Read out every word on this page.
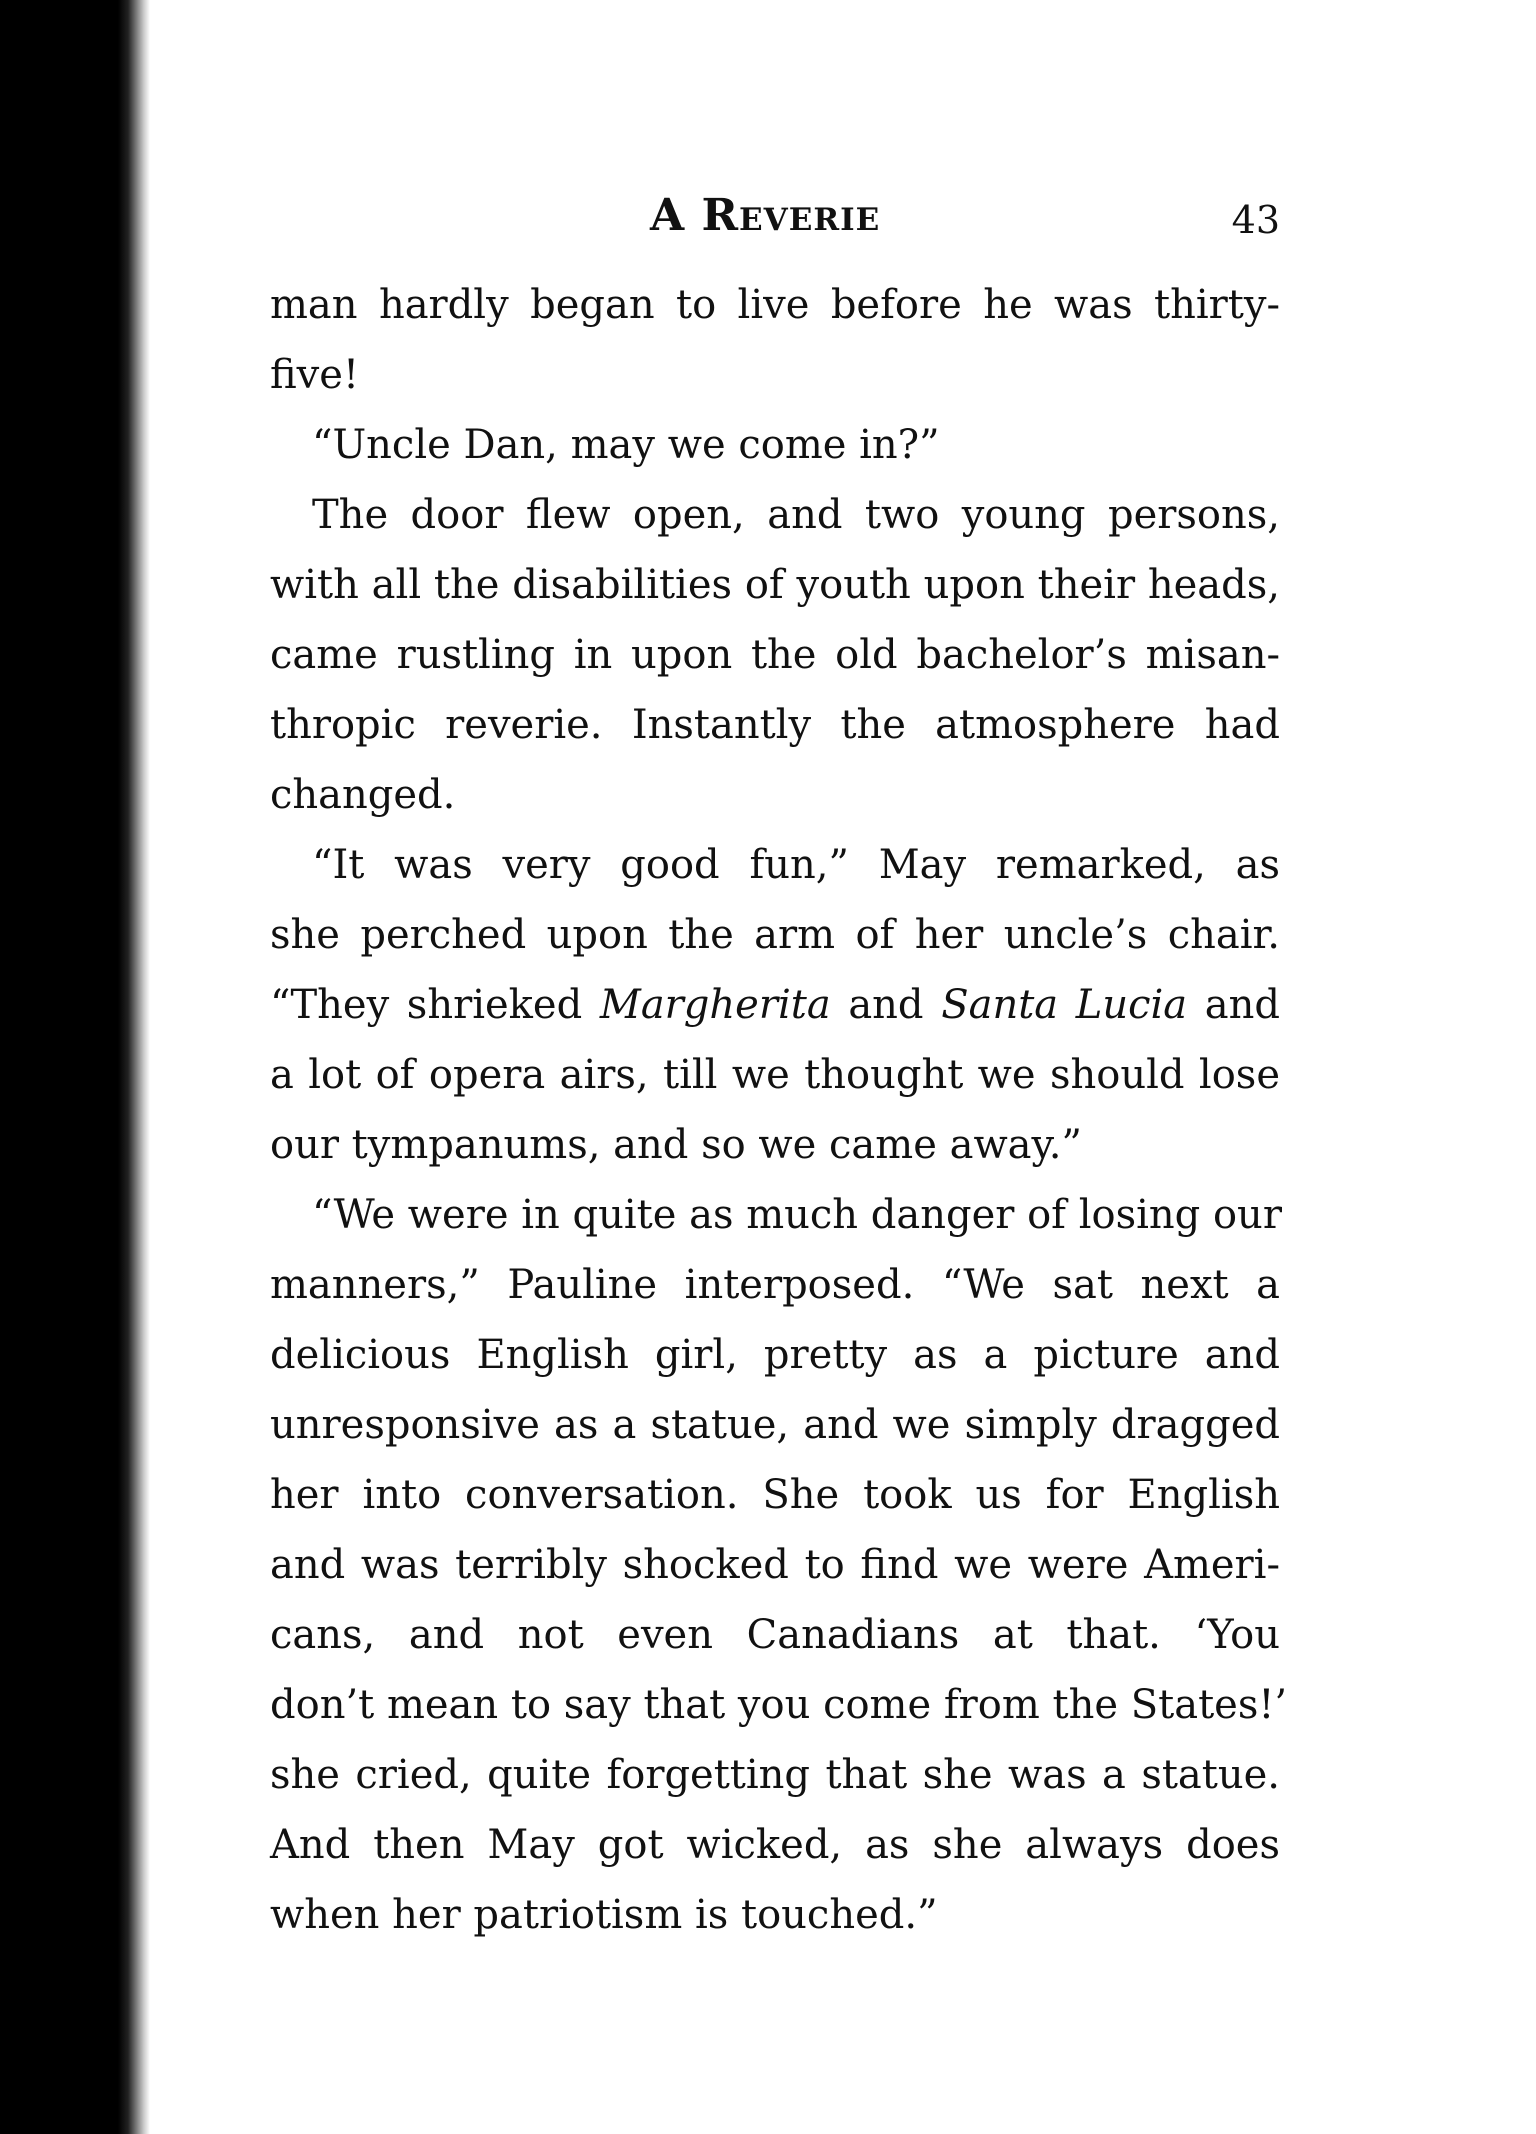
A Reverie	43
man hardly began to live before he was thirty-
five!
“Uncle Dan, may we come in?”
The door flew open, and two young persons,
with all the disabilities of youth upon their heads,
came rustling in upon the old bachelor’s misan-
thropic reverie. Instantly the atmosphere had
changed.
“It was very good fun,” May remarked, as
she perched upon the arm of her uncle’s chair.
“They shrieked Margherita and Santa Lucia and
a lot of opera airs, till we thought we should lose
our tympanums, and so we came away.”
“We were in quite as much danger of losing our
manners,” Pauline interposed. “We sat next a
delicious English girl, pretty as a picture and
unresponsive as a statue, and we simply dragged
her into conversation. She took us for English
and was terribly shocked to find we were Ameri-
cans, and not even Canadians at that. ‘You
don’t mean to say that you come from the States!’
she cried, quite forgetting that she was a statue.
And then May got wicked, as she always does
when her patriotism is touched.”
